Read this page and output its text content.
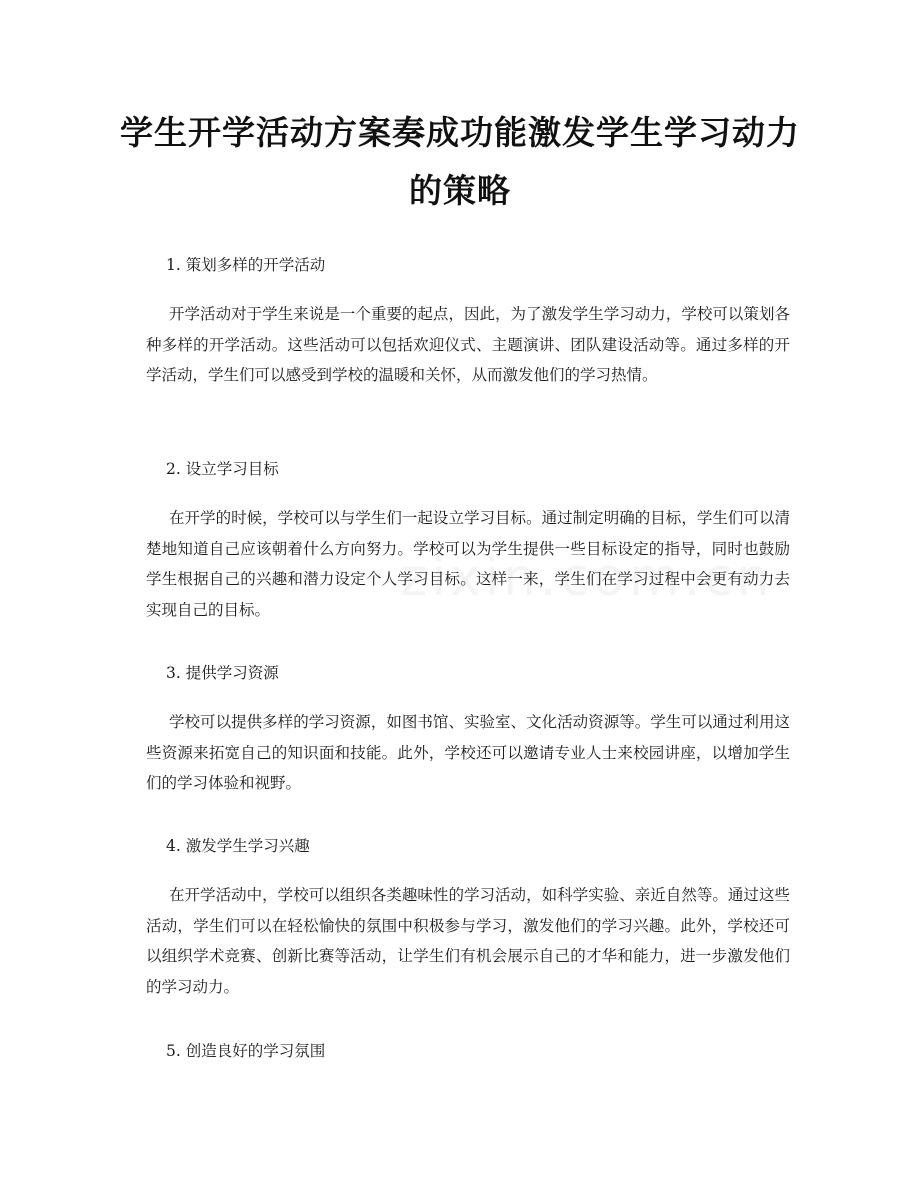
学生开学活动方案奏成功能激发学生学习动力的策略

1. 策划多样的开学活动

开学活动对于学生来说是一个重要的起点，因此，为了激发学生学习动力，学校可以策划各种多样的开学活动。这些活动可以包括欢迎仪式、主题演讲、团队建设活动等。通过多样的开学活动，学生们可以感受到学校的温暖和关怀，从而激发他们的学习热情。

2. 设立学习目标

在开学的时候，学校可以与学生们一起设立学习目标。通过制定明确的目标，学生们可以清楚地知道自己应该朝着什么方向努力。学校可以为学生提供一些目标设定的指导，同时也鼓励学生根据自己的兴趣和潜力设定个人学习目标。这样一来，学生们在学习过程中会更有动力去实现自己的目标。

3. 提供学习资源

学校可以提供多样的学习资源，如图书馆、实验室、文化活动资源等。学生可以通过利用这些资源来拓宽自己的知识面和技能。此外，学校还可以邀请专业人士来校园讲座，以增加学生们的学习体验和视野。

4. 激发学生学习兴趣

在开学活动中，学校可以组织各类趣味性的学习活动，如科学实验、亲近自然等。通过这些活动，学生们可以在轻松愉快的氛围中积极参与学习，激发他们的学习兴趣。此外，学校还可以组织学术竞赛、创新比赛等活动，让学生们有机会展示自己的才华和能力，进一步激发他们的学习动力。

5. 创造良好的学习氛围
